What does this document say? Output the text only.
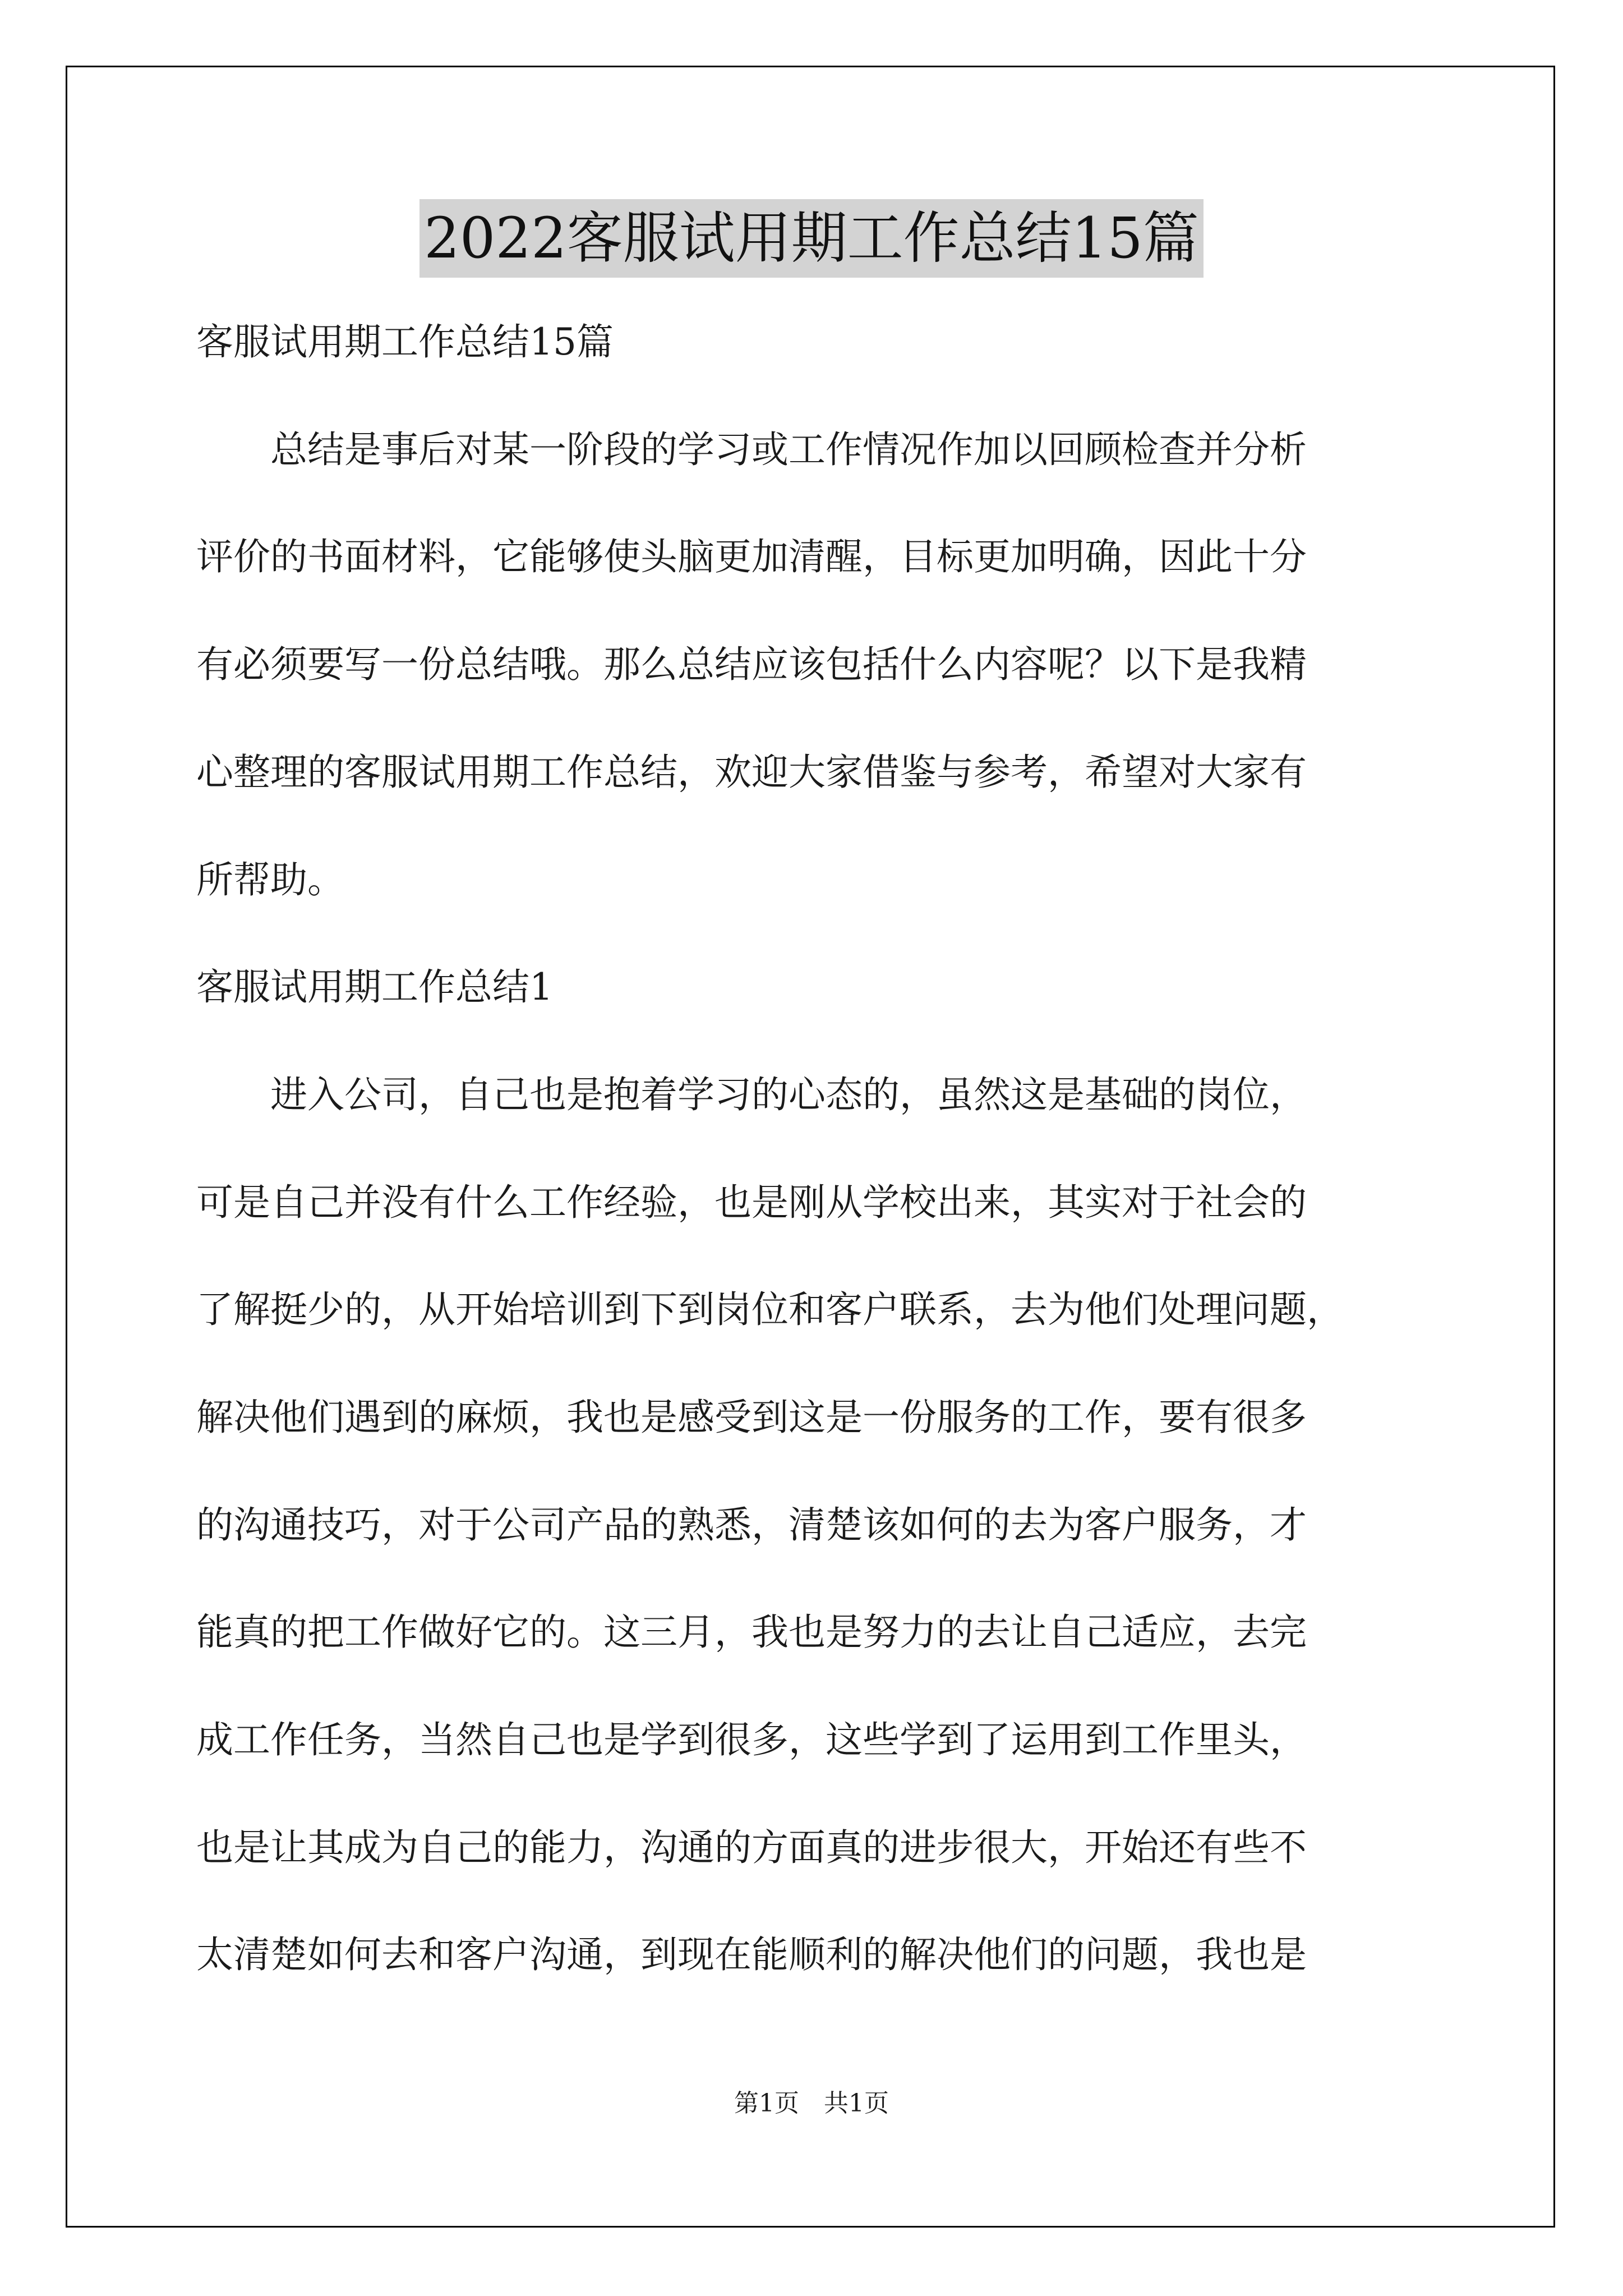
2022客服试用期工作总结15篇
客服试用期工作总结15篇
　　总结是事后对某一阶段的学习或工作情况作加以回顾检查并分析
评价的书面材料，它能够使头脑更加清醒，目标更加明确，因此十分
有必须要写一份总结哦。那么总结应该包括什么内容呢？以下是我精
心整理的客服试用期工作总结，欢迎大家借鉴与参考，希望对大家有
所帮助。
客服试用期工作总结1
　　进入公司，自己也是抱着学习的心态的，虽然这是基础的岗位，
可是自己并没有什么工作经验，也是刚从学校出来，其实对于社会的
了解挺少的，从开始培训到下到岗位和客户联系，去为他们处理问题，
解决他们遇到的麻烦，我也是感受到这是一份服务的工作，要有很多
的沟通技巧，对于公司产品的熟悉，清楚该如何的去为客户服务，才
能真的把工作做好它的。这三月，我也是努力的去让自己适应，去完
成工作任务，当然自己也是学到很多，这些学到了运用到工作里头，
也是让其成为自己的能力，沟通的方面真的进步很大，开始还有些不
太清楚如何去和客户沟通，到现在能顺利的解决他们的问题，我也是
第1页　共1页
